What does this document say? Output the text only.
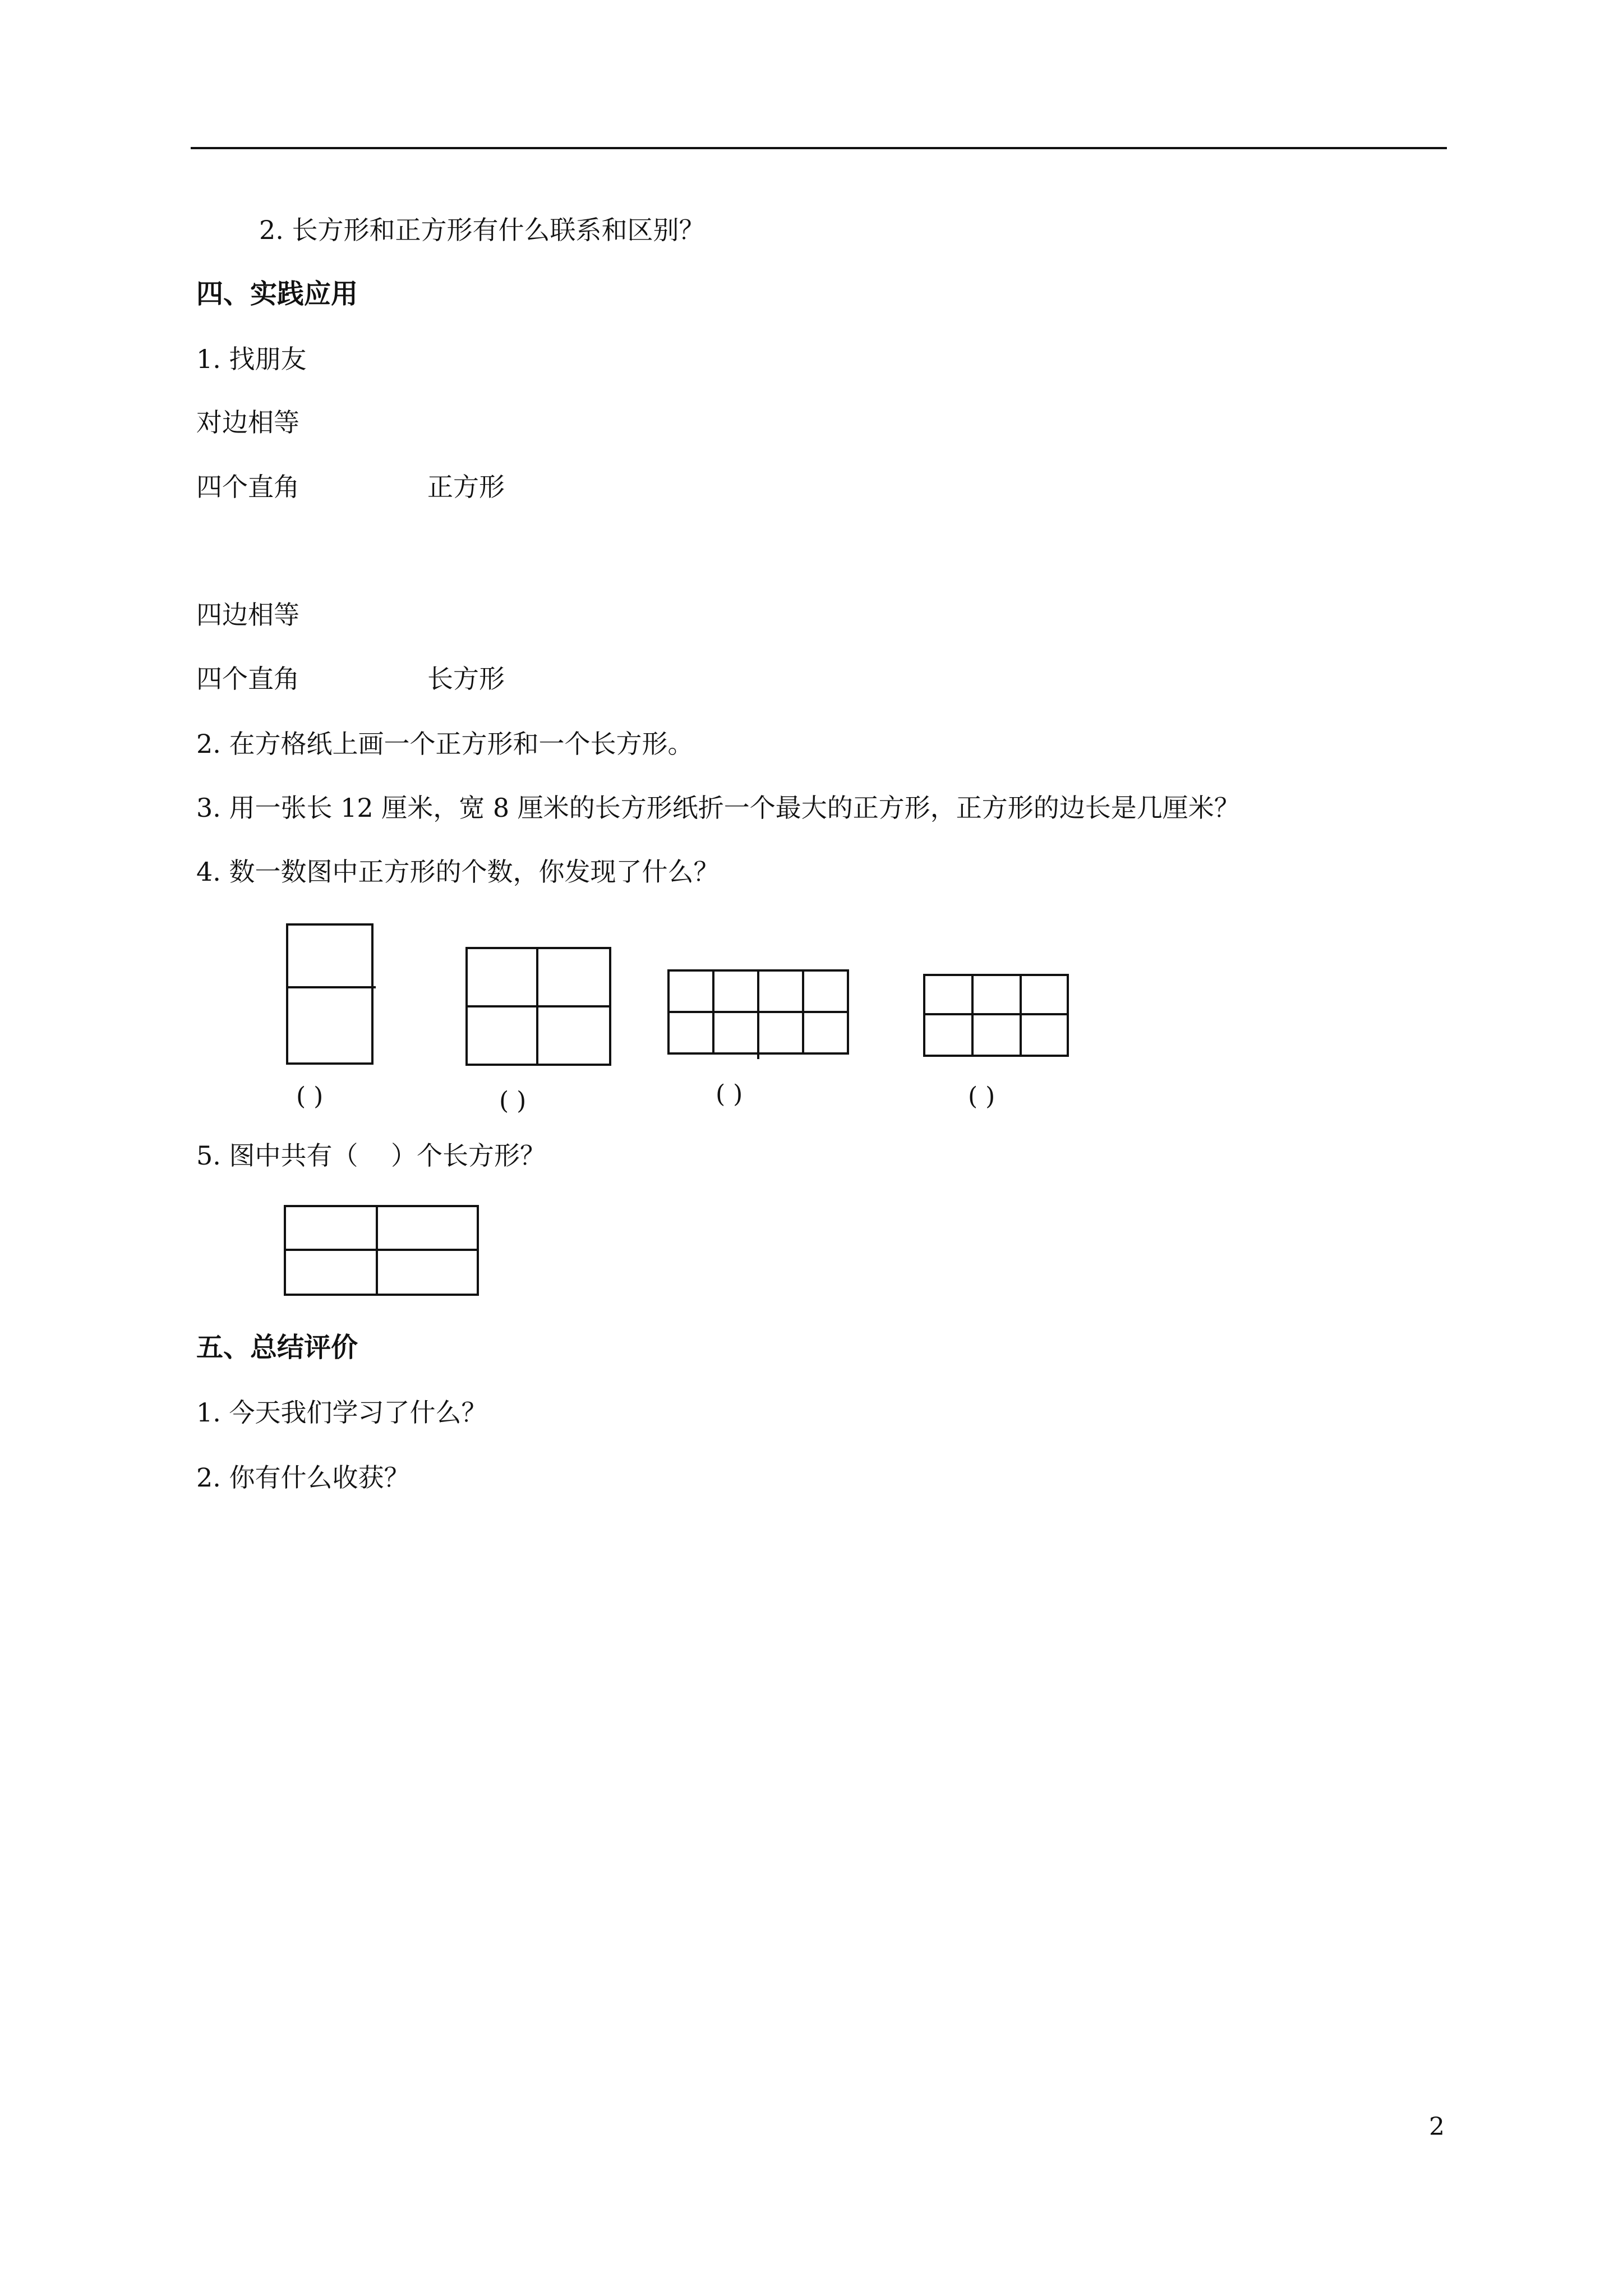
2. 长方形和正方形有什么联系和区别？
四、实践应用
1. 找朋友
对边相等
四个直角	正方形
四边相等
四个直角	长方形
2. 在方格纸上画一个正方形和一个长方形。
3. 用一张长 12 厘米，宽 8 厘米的长方形纸折一个最大的正方形，正方形的边长是几厘米？
4. 数一数图中正方形的个数，你发现了什么？
()	()	()	()
5. 图中共有（    ）个长方形？
五、总结评价
1. 今天我们学习了什么？
2. 你有什么收获？
2
